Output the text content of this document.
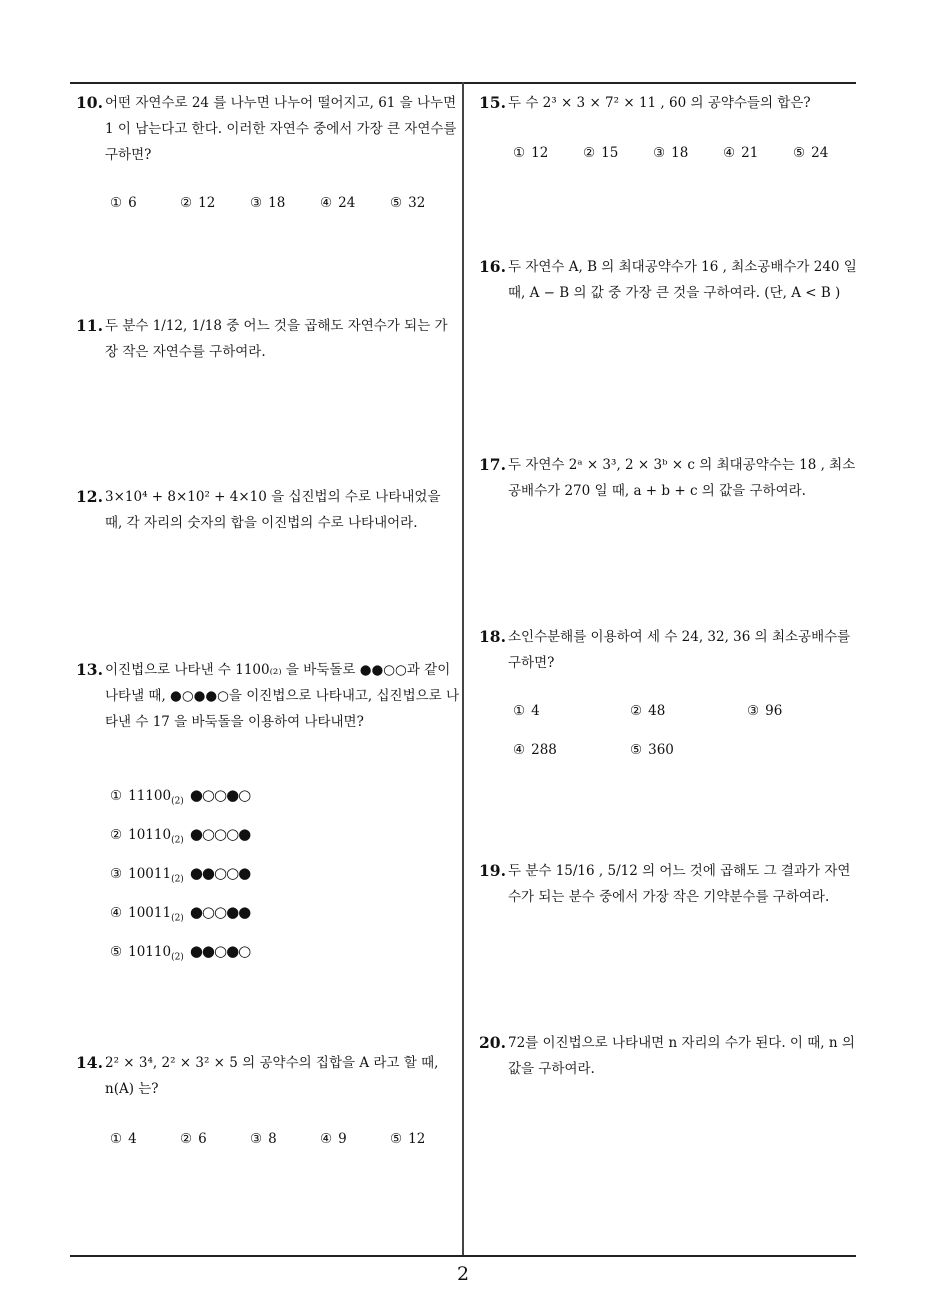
10. 어떤 자연수로 24 를 나누면 나누어 떨어지고, 61 을 나누면 1 이 남는다고 한다. 이러한 자연수 중에서 가장 큰 자연수를 구하면?
① 6	② 12	③ 18	④ 24	⑤ 32
11. 두 분수 1/12, 1/18 중 어느 것을 곱해도 자연수가 되는 가장 작은 자연수를 구하여라.
12. 3×10⁴ + 8×10² + 4×10 을 십진법의 수로 나타내었을 때, 각 자리의 숫자의 합을 이진법의 수로 나타내어라.
13. 이진법으로 나타낸 수 1100₍₂₎ 을 바둑돌로 ●●○○과 같이 나타낼 때, ●○●●○을 이진법으로 나타내고, 십진법으로 나타낸 수 17 을 바둑돌을 이용하여 나타내면?
① $11100_{(2)}$ ●○○●○
② $10110_{(2)}$ ●○○○●
③ $10011_{(2)}$ ●●○○●
④ $10011_{(2)}$ ●○○●●
⑤ $10110_{(2)}$ ●●○●○
14. 2² × 3⁴, 2² × 3² × 5 의 공약수의 집합을 A 라고 할 때, n(A) 는?
① 4	② 6	③ 8	④ 9	⑤ 12
15. 두 수 2³ × 3 × 7² × 11 , 60 의 공약수들의 합은?
① 12	② 15	③ 18	④ 21	⑤ 24
16. 두 자연수 A, B 의 최대공약수가 16 , 최소공배수가 240 일 때, A − B 의 값 중 가장 큰 것을 구하여라. (단, A < B )
17. 두 자연수 2ᵃ × 3³, 2 × 3ᵇ × c 의 최대공약수는 18 , 최소공배수가 270 일 때, a + b + c 의 값을 구하여라.
18. 소인수분해를 이용하여 세 수 24, 32, 36 의 최소공배수를 구하면?
① 4	② 48	③ 96
④ 288	⑤ 360
19. 두 분수 15/16 , 5/12 의 어느 것에 곱해도 그 결과가 자연수가 되는 분수 중에서 가장 작은 기약분수를 구하여라.
20. 72를 이진법으로 나타내면 n 자리의 수가 된다. 이 때, n 의 값을 구하여라.
2
